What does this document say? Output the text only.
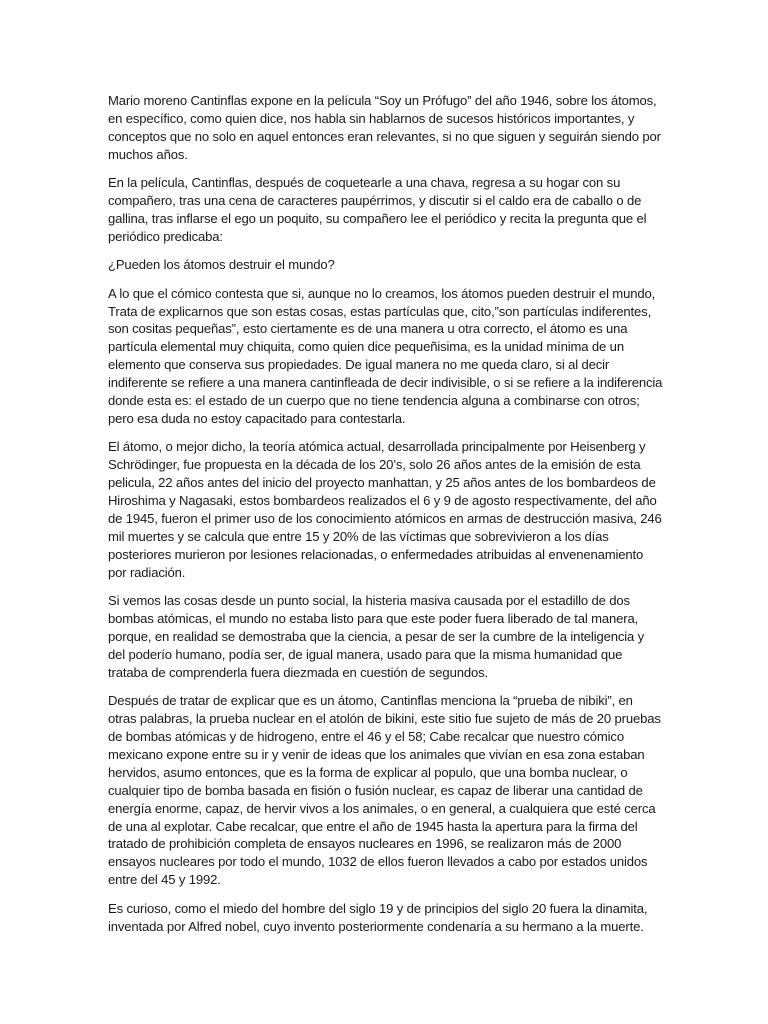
Mario moreno Cantinflas expone en la película “Soy un Prófugo” del año 1946, sobre los átomos, en específico, como quien dice, nos habla sin hablarnos de sucesos históricos importantes, y conceptos que no solo en aquel entonces eran relevantes, si no que siguen y seguirán siendo por muchos años.

En la película, Cantinflas, después de coquetearle a una chava, regresa a su hogar con su compañero, tras una cena de caracteres paupérrimos, y discutir si el caldo era de caballo o de gallina, tras inflarse el ego un poquito, su compañero lee el periódico y recita la pregunta que el periódico predicaba:

¿Pueden los átomos destruir el mundo?

A lo que el cómico contesta que si, aunque no lo creamos, los átomos pueden destruir el mundo, Trata de explicarnos que son estas cosas, estas partículas que, cito,”son partículas indiferentes, son cositas pequeñas”, esto ciertamente es de una manera u otra correcto, el átomo es una partícula elemental muy chiquita, como quien dice pequeñisima, es la unidad mínima de un elemento que conserva sus propiedades. De igual manera no me queda claro, si al decir indiferente se refiere a una manera cantinfleada de decir indivisible, o si se refiere a la indiferencia donde esta es: el estado de un cuerpo que no tiene tendencia alguna a combinarse con otros; pero esa duda no estoy capacitado para contestarla.

El átomo, o mejor dicho, la teoría atómica actual, desarrollada principalmente por Heisenberg y Schrödinger, fue propuesta en la década de los 20’s, solo 26 años antes de la emisión de esta pelicula, 22 años antes del inicio del proyecto manhattan, y 25 años antes de los bombardeos de Hiroshima y Nagasaki, estos bombardeos realizados el 6 y 9 de agosto respectivamente, del año de 1945, fueron el primer uso de los conocimiento atómicos en armas de destrucción masiva, 246 mil muertes y se calcula que entre 15 y 20% de las víctimas que sobrevivieron a los días posteriores murieron por lesiones relacionadas, o enfermedades atribuidas al envenenamiento por radiación.

Si vemos las cosas desde un punto social, la histeria masiva causada por el estadillo de dos bombas atómicas, el mundo no estaba listo para que este poder fuera liberado de tal manera, porque, en realidad se demostraba que la ciencia, a pesar de ser la cumbre de la inteligencia y del poderío humano, podía ser, de igual manera, usado para que la misma humanidad que trataba de comprenderla fuera diezmada en cuestión de segundos.

Después de tratar de explicar que es un átomo, Cantinflas menciona la “prueba de nibiki”, en otras palabras, la prueba nuclear en el atolón de bikini, este sitio fue sujeto de más de 20 pruebas de bombas atómicas y de hidrogeno, entre el 46 y el 58; Cabe recalcar que nuestro cómico mexicano expone entre su ir y venir de ideas que los animales que vivían en esa zona estaban hervidos, asumo entonces, que es la forma de explicar al populo, que una bomba nuclear, o cualquier tipo de bomba basada en fisión o fusión nuclear, es capaz de liberar una cantidad de energía enorme, capaz, de hervir vivos a los animales, o en general, a cualquiera que esté cerca de una al explotar. Cabe recalcar, que entre el año de 1945 hasta la apertura para la firma del tratado de prohibición completa de ensayos nucleares en 1996, se realizaron más de 2000 ensayos nucleares por todo el mundo, 1032 de ellos fueron llevados a cabo por estados unidos entre del 45 y 1992.

Es curioso, como el miedo del hombre del siglo 19 y de principios del siglo 20 fuera la dinamita, inventada por Alfred nobel, cuyo invento posteriormente condenaría a su hermano a la muerte.
